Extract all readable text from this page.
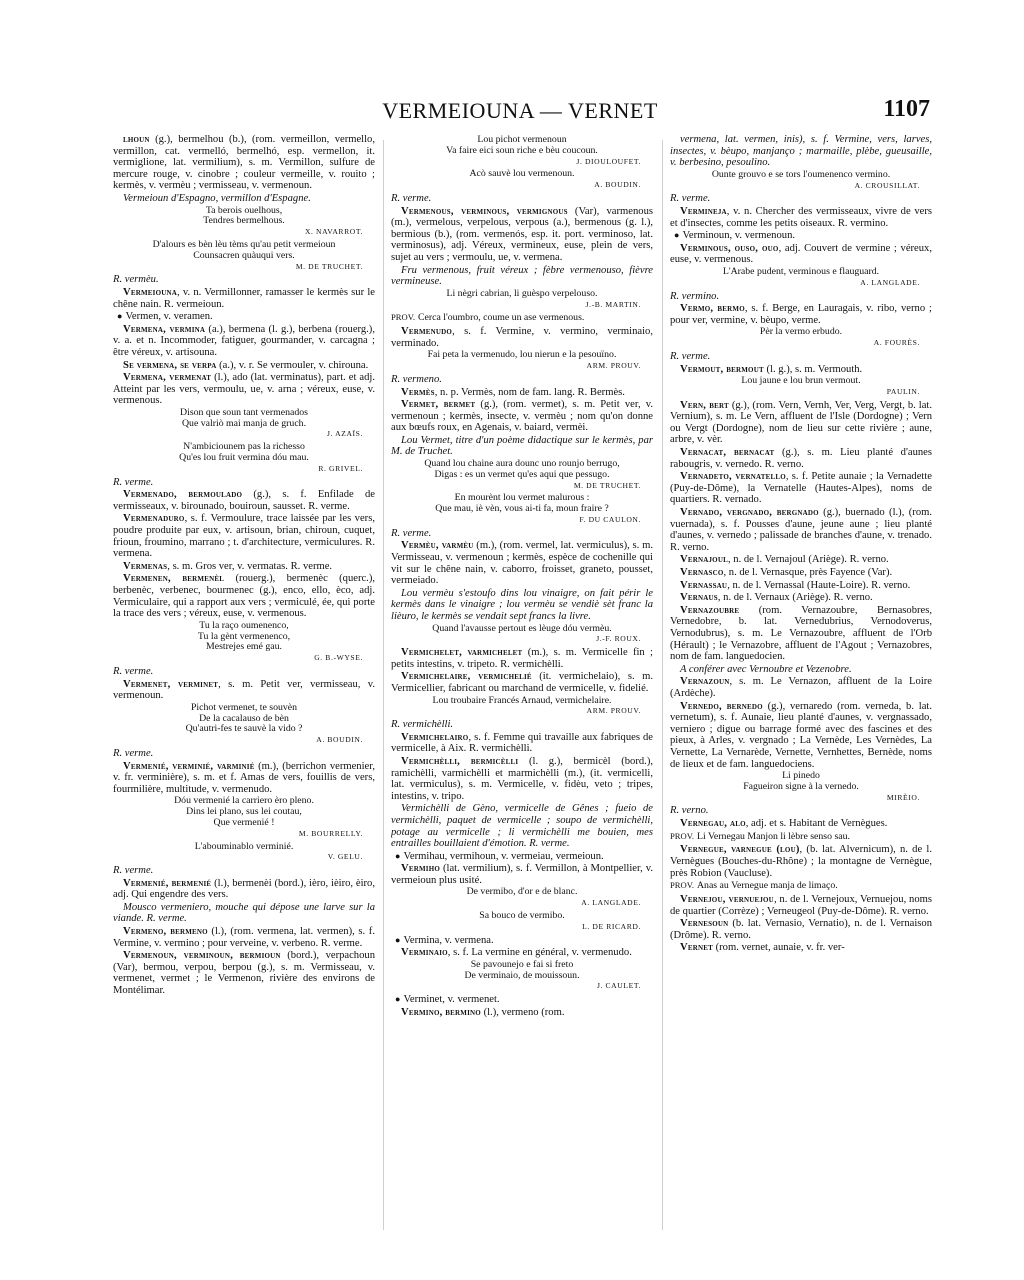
VERMEIOUNA — VERNET	1107
lhoun (g.), bermelhou (b.), (rom. vermeillon, vermello, vermillon, cat. vermelló, bermelhó, esp. vermellon, it. vermiglione, lat. vermilium), s. m. Vermillon, sulfure de mercure rouge, v. cinobre ; couleur vermeille, v. rouito ; kermès, v. vermèu ; vermisseau, v. vermenoun.
Vermeioun d'Espagno, vermillon d'Espagne.
Ta berois ouelhous,
Tendres bermelhous.
X. NAVARROT.
D'alours es bèn lèu tèms qu'au petit vermeioun
Counsacren quàuqui vers.
M. DE TRUCHET.
R. vermèu.
Vermeiouna, v. n. Vermillonner, ramasser le kermès sur le chêne nain. R. vermeioun.
● Vermen, v. veramen.
Vermena, vermina (a.), bermena (l. g.), berbena (rouerg.), v. a. et n. Incommoder, fatiguer, gourmander, v. carcagna ; être véreux, v. artisouna.
Se vermena, se verpa (a.), v. r. Se vermouler, v. chirouna.
Vermena, vermenat (l.), ado (lat. verminatus), part. et adj. Atteint par les vers, vermoulu, ue, v. arna ; véreux, euse, v. vermenous.
Dison que soun tant vermenados
Que valriò mai manja de gruch.
J. AZAÏS.
N'ambiciounem pas la richesso
Qu'es lou fruit vermina dóu mau.
R. GRIVEL.
R. verme.
Vermenado, bermoulado (g.), s. f. Enfilade de vermisseaux, v. birounado, bouiroun, sausset. R. verme.
Vermenaduro, s. f. Vermoulure, trace laissée par les vers, poudre produite par eux, v. artisoun, brian, chiroun, cuquet, frioun, froumino, marrano ; t. d'architecture, vermiculures. R. vermena.
Vermenas, s. m. Gros ver, v. vermatas. R. verme.
Vermenen, bermenèl (rouerg.), bermenèc (querc.), berbenèc, verbenec, bourmenec (g.), enco, ello, èco, adj. Vermiculaire, qui a rapport aux vers ; vermiculé, ée, qui porte la trace des vers ; véreux, euse, v. vermenous.
Tu la raço oumenenco,
Tu la gènt vermenenco,
Mestrejes emé gau.
G. B.-WYSE.
R. verme.
Vermenet, verminet, s. m. Petit ver, vermisseau, v. vermenoun.
Pichot vermenet, te souvèn
De la cacalauso de bèn
Qu'autri-fes te sauvè la vido ?
A. BOUDIN.
R. verme.
Vermenié, verminié, varminié (m.), (berrichon vermenier, v. fr. verminière), s. m. et f. Amas de vers, fouillis de vers, fourmilière, multitude, v. vermenudo.
Dóu vermenié la carriero èro pleno.
Dins lei plano, sus lei coutau,
Que vermenié !
M. BOURRELLY.
L'abouminablo verminié.
V. GELU.
R. verme.
Vermenié, bermenié (l.), bermenèi (bord.), ièro, ièiro, èiro, adj. Qui engendre des vers.
Mousco vermeniero, mouche qui dépose une larve sur la viande. R. verme.
Vermeno, bermeno (l.), (rom. vermena, lat. vermen), s. f. Vermine, v. vermino ; pour verveine, v. verbeno. R. verme.
Vermenoun, verminoun, bermioun (bord.), verpachoun (Var), bermou, verpou, berpou (g.), s. m. Vermisseau, v. vermenet, vermet ; le Vermenon, rivière des environs de Montélimar.
Lou pichot vermenoun
Va faire eici soun riche e bèu coucoun.
J. DIOULOUFET.
Acò sauvè lou vermenoun.
A. BOUDIN.
R. verme.
Vermenous, verminous, vermignous (Var), varmenous (m.), vermelous, verpelous, verpous (a.), bermenous (g. l.), bermious (b.), (rom. vermenós, esp. it. port. verminoso, lat. verminosus), adj. Véreux, vermineux, euse, plein de vers, sujet au vers ; vermoulu, ue, v. vermena.
Fru vermenous, fruit véreux ; fèbre vermenouso, fièvre vermineuse.
Li nègri cabrian, li guèspo verpelouso.
J.-B. MARTIN.
PROV. Cerca l'oumbro, coume un ase vermenous.
Vermenudo, s. f. Vermine, v. vermino, verminaio, verminado.
Fai peta la vermenudo, lou nierun e la pesouïno.
ARM. PROUV.
R. vermeno.
Vermès, n. p. Vermès, nom de fam. lang. R. Bermès.
Vermet, bermet (g.), (rom. vermet), s. m. Petit ver, v. vermenoun ; kermès, insecte, v. vermèu ; nom qu'on donne aux bœufs roux, en Agenais, v. baiard, vermèi.
Lou Vermet, titre d'un poème didactique sur le kermès, par M. de Truchet.
Quand lou chaine aura dounc uno rounjo berrugo,
Digas : es un vermet qu'es aqui que pessugo.
M. DE TRUCHET.
En mourènt lou vermet malurous :
Que mau, iè vèn, vous ai-ti fa, moun fraire ?
F. DU CAULON.
R. verme.
Vermèu, varmèu (m.), (rom. vermel, lat. vermiculus), s. m. Vermisseau, v. vermenoun ; kermès, espèce de cochenille qui vit sur le chêne nain, v. caborro, froisset, graneto, pousset, vermeiado.
Lou vermèu s'estoufo dins lou vinaigre, on fait périr le kermès dans le vinaigre ; lou vermèu se vendiè sèt franc la lièuro, le kermès se vendait sept francs la livre.
Quand l'avausse pertout es lèuge dóu vermèu.
J.-F. ROUX.
Vermichelet, varmichelet (m.), s. m. Vermicelle fin ; petits intestins, v. tripeto. R. vermichèlli.
Vermichelaire, vermichelié (it. vermichelaio), s. m. Vermicellier, fabricant ou marchand de vermicelle, v. fidelié.
Lou troubaire Francés Arnaud, vermichelaire.
ARM. PROUV.
R. vermichèlli.
Vermichelairo, s. f. Femme qui travaille aux fabriques de vermicelle, à Aix. R. vermichèlli.
Vermichèlli, bermicèlli (l. g.), bermicèl (bord.), ramichèlli, varmichèlli et marmichèlli (m.), (it. vermicelli, lat. vermiculus), s. m. Vermicelle, v. fidèu, veto ; tripes, intestins, v. tripo.
Vermichèlli de Gèno, vermicelle de Gênes ; fueio de vermichèlli, paquet de vermicelle ; soupo de vermichèlli, potage au vermicelle ; li vermichèlli me bouien, mes entrailles bouillaient d'émotion. R. verme.
● Vermihau, vermihoun, v. vermeiau, vermeioun.
Vermiho (lat. vermilium), s. f. Vermillon, à Montpellier, v. vermeioun plus usité.
De vermibo, d'or e de blanc.
A. LANGLADE.
Sa bouco de vermibo.
L. DE RICARD.
● Vermina, v. vermena.
Verminaio, s. f. La vermine en général, v. vermenudo.
Se pavounejo e fai si freto
De verminaio, de mouissoun.
J. CAULET.
● Verminet, v. vermenet.
Vermino, bermino (l.), vermeno (rom.
vermena, lat. vermen, inis), s. f. Vermine, vers, larves, insectes, v. bèupo, manjanço ; marmaille, plèbe, gueusaille, v. berbesino, pesoulino.
Ounte grouvo e se tors l'oumenenco vermino.
A. CROUSILLAT.
R. verme.
Vermineja, v. n. Chercher des vermisseaux, vivre de vers et d'insectes, comme les petits oiseaux. R. vermino.
● Verminoun, v. vermenoun.
Verminous, ouso, ouo, adj. Couvert de vermine ; véreux, euse, v. vermenous.
L'Arabe pudent, verminous e flauguard.
A. LANGLADE.
R. vermino.
Vermo, bermo, s. f. Berge, en Lauragais, v. ribo, verno ; pour ver, vermine, v. bèupo, verme.
Pèr la vermo erbudo.
A. FOURÈS.
R. verme.
Vermout, bermout (l. g.), s. m. Vermouth.
Lou jaune e lou brun vermout.
PAULIN.
Vern, bert (g.), (rom. Vern, Vernh, Ver, Verg, Vergt, b. lat. Vernium), s. m. Le Vern, affluent de l'Isle (Dordogne) ; Vern ou Vergt (Dordogne), nom de lieu sur cette rivière ; aune, arbre, v. vèr.
Vernacat, bernacat (g.), s. m. Lieu planté d'aunes rabougris, v. vernedo. R. verno.
Vernadeto, vernatello, s. f. Petite aunaie ; la Vernadette (Puy-de-Dôme), la Vernatelle (Hautes-Alpes), noms de quartiers. R. vernado.
Vernado, vergnado, bergnado (g.), buernado (l.), (rom. vuernada), s. f. Pousses d'aune, jeune aune ; lieu planté d'aunes, v. vernedo ; palissade de branches d'aune, v. trenado. R. verno.
Vernajoul, n. de l. Vernajoul (Ariège). R. verno.
Vernasco, n. de l. Vernasque, près Fayence (Var).
Vernassau, n. de l. Vernassal (Haute-Loire). R. verno.
Vernaus, n. de l. Vernaux (Ariège). R. verno.
Vernazoubre (rom. Vernazoubre, Bernasobres, Vernedobre, b. lat. Vernedubrius, Vernodoverus, Vernodubrus), s. m. Le Vernazoubre, affluent de l'Orb (Hérault) ; le Vernazobre, affluent de l'Agout ; Vernazobres, nom de fam. languedocien.
A conférer avec Vernoubre et Vezenobre.
Vernazoun, s. m. Le Vernazon, affluent de la Loire (Ardèche).
Vernedo, bernedo (g.), vernaredo (rom. verneda, b. lat. vernetum), s. f. Aunaie, lieu planté d'aunes, v. vergnassado, verniero ; digue ou barrage formé avec des fascines et des pieux, à Arles, v. vergnado ; La Vernède, Les Vernèdes, La Vernette, La Vernarède, Vernette, Vernhettes, Bernède, noms de lieux et de fam. languedociens.
Li pinedo
Fagueiron signe à la vernedo.
MIRÈIO.
R. verno.
Vernegau, alo, adj. et s. Habitant de Vernègues.
PROV. Li Vernegau Manjon li lèbre senso sau.
Vernegue, varnegue (lou), (b. lat. Alvernicum), n. de l. Vernègues (Bouches-du-Rhône) ; la montagne de Vernègue, près Robion (Vaucluse).
PROV. Anas au Vernegue manja de limaço.
Vernejou, vernuejou, n. de l. Vernejoux, Vernuejou, noms de quartier (Corrèze) ; Verneugeol (Puy-de-Dôme). R. verno.
Vernesoun (b. lat. Vernasio, Vernatio), n. de l. Vernaison (Drôme). R. verno.
Vernet (rom. vernet, aunaie, v. fr. ver-
